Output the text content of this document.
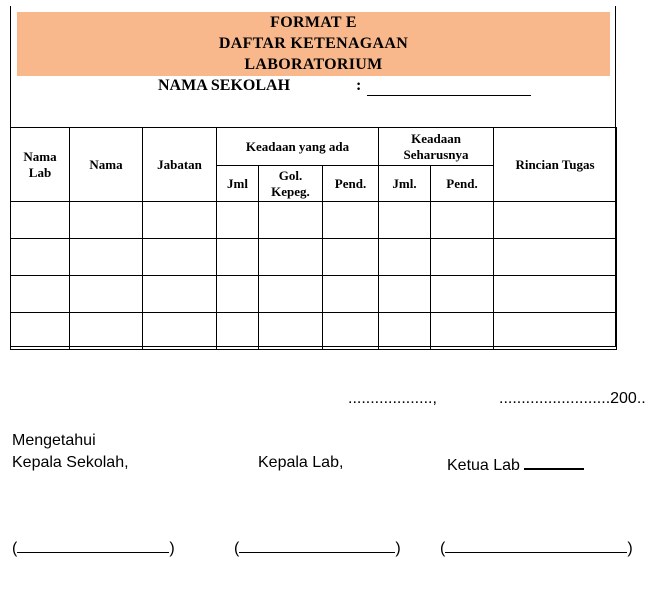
FORMAT E
DAFTAR KETENAGAAN
LABORATORIUM
NAMA SEKOLAH	:
Nama Lab	Nama	Jabatan	Keadaan yang ada			Keadaan Seharusnya		Rincian Tugas
			Jml	Gol. Kepeg.	Pend.	Jml.	Pend.	

...................,	.........................200..
Mengetahui
Kepala Sekolah,	Kepala Lab,	Ketua Lab
(	)	(	) (	)
